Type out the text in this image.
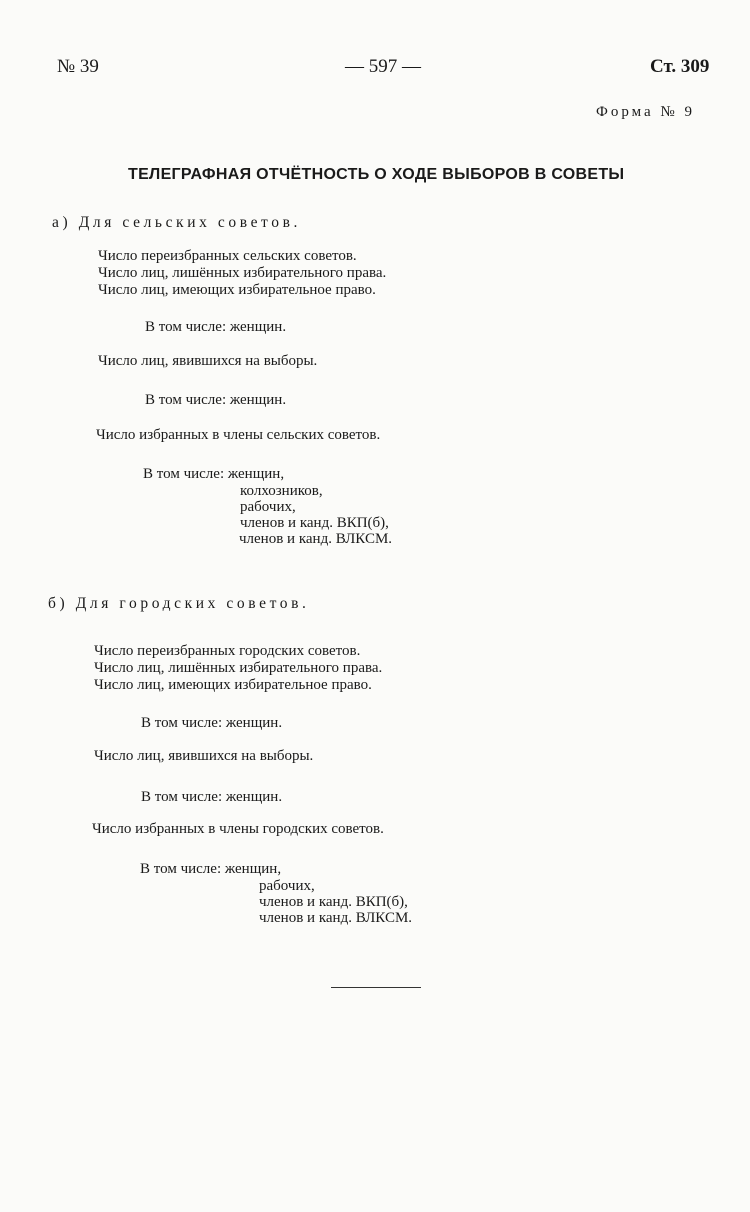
№ 39	— 597 —	Ст. 309
Форма № 9
ТЕЛЕГРАФНАЯ ОТЧЁТНОСТЬ О ХОДЕ ВЫБОРОВ В СОВЕТЫ
а) Для сельских советов.
Число переизбранных сельских советов.
Число лиц, лишённых избирательного права.
Число лиц, имеющих избирательное право.
В том числе: женщин.
Число лиц, явившихся на выборы.
В том числе: женщин.
Число избранных в члены сельских советов.
В том числе: женщин,
колхозников,
рабочих,
членов и канд. ВКП(б),
членов и канд. ВЛКСМ.
б) Для городских советов.
Число переизбранных городских советов.
Число лиц, лишённых избирательного права.
Число лиц, имеющих избирательное право.
В том числе: женщин.
Число лиц, явившихся на выборы.
В том числе: женщин.
Число избранных в члены городских советов.
В том числе: женщин,
рабочих,
членов и канд. ВКП(б),
членов и канд. ВЛКСМ.
